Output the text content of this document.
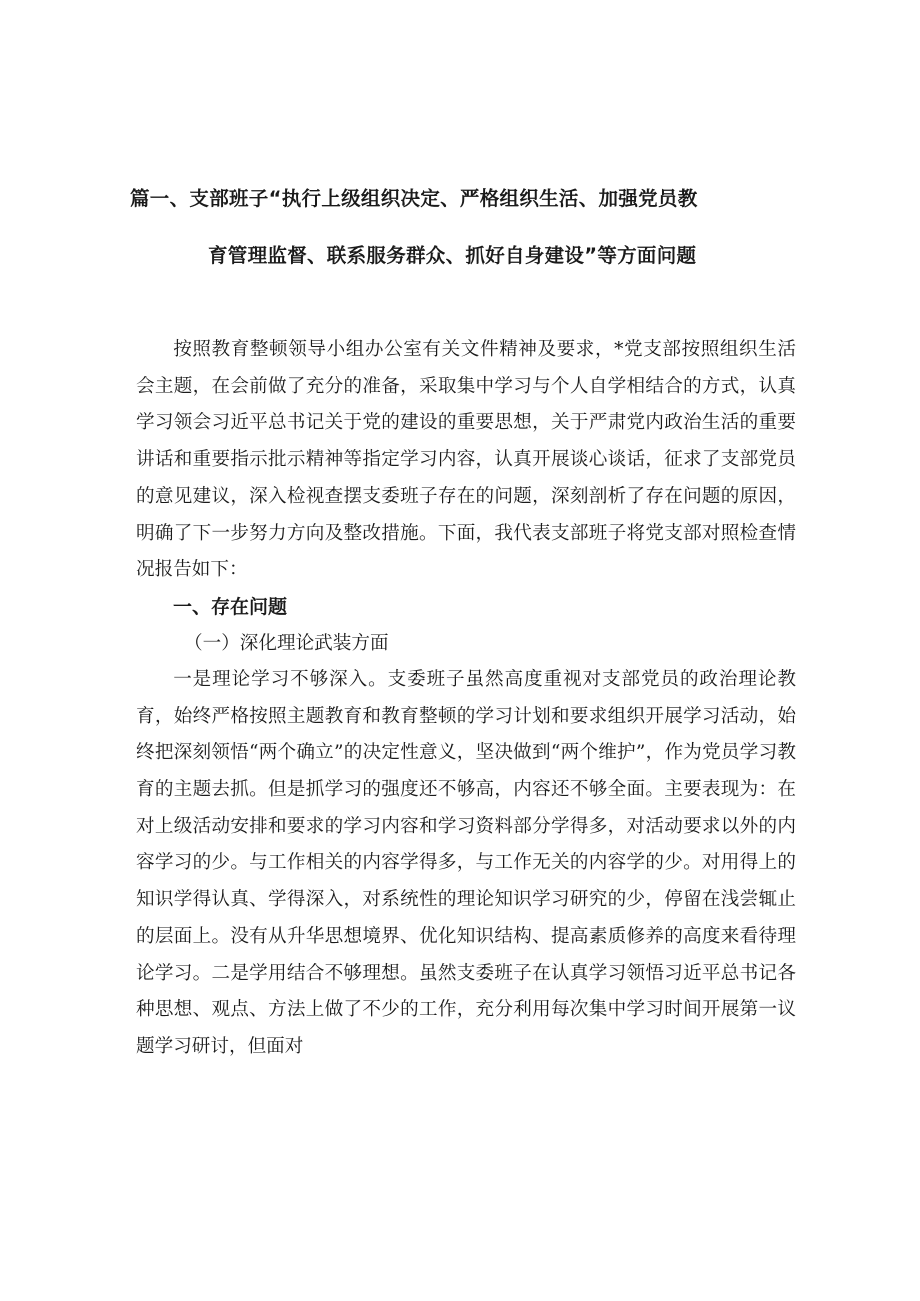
篇一、支部班子“执行上级组织决定、严格组织生活、加强党员教
育管理监督、联系服务群众、抓好自身建设”等方面问题

按照教育整顿领导小组办公室有关文件精神及要求，*党支部按照组织生活会主题，在会前做了充分的准备，采取集中学习与个人自学相结合的方式，认真学习领会习近平总书记关于党的建设的重要思想，关于严肃党内政治生活的重要讲话和重要指示批示精神等指定学习内容，认真开展谈心谈话，征求了支部党员的意见建议，深入检视查摆支委班子存在的问题，深刻剖析了存在问题的原因，明确了下一步努力方向及整改措施。下面，我代表支部班子将党支部对照检查情况报告如下：

一、存在问题

（一）深化理论武装方面

一是理论学习不够深入。支委班子虽然高度重视对支部党员的政治理论教育，始终严格按照主题教育和教育整顿的学习计划和要求组织开展学习活动，始终把深刻领悟“两个确立”的决定性意义，坚决做到“两个维护”，作为党员学习教育的主题去抓。但是抓学习的强度还不够高，内容还不够全面。主要表现为：在对上级活动安排和要求的学习内容和学习资料部分学得多，对活动要求以外的内容学习的少。与工作相关的内容学得多，与工作无关的内容学的少。对用得上的知识学得认真、学得深入，对系统性的理论知识学习研究的少，停留在浅尝辄止的层面上。没有从升华思想境界、优化知识结构、提高素质修养的高度来看待理论学习。二是学用结合不够理想。虽然支委班子在认真学习领悟习近平总书记各种思想、观点、方法上做了不少的工作，充分利用每次集中学习时间开展第一议题学习研讨，但面对
